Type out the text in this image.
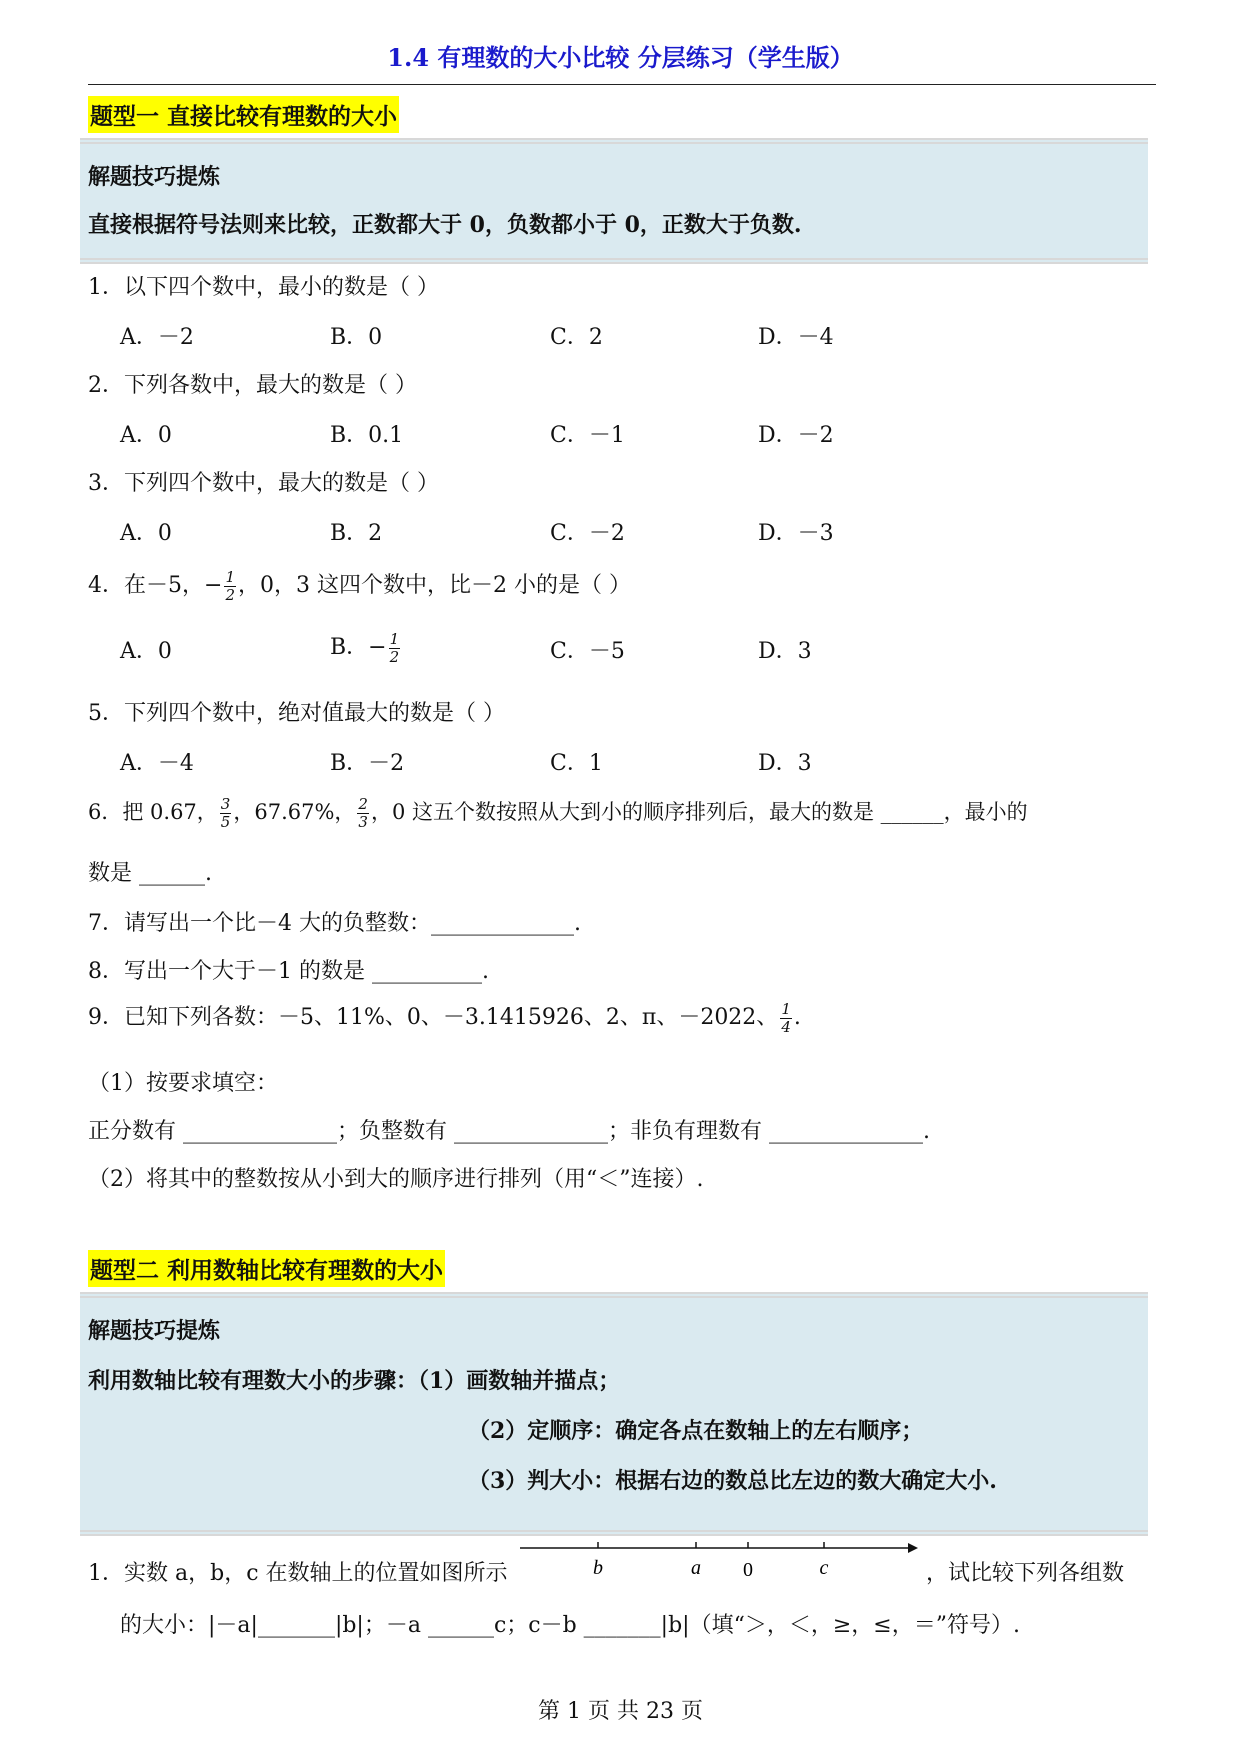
1.4 有理数的大小比较 分层练习（学生版）
题型一 直接比较有理数的大小
解题技巧提炼
直接根据符号法则来比较，正数都大于 0，负数都小于 0，正数大于负数.
1．以下四个数中，最小的数是（ ）
A．－2	B．0	C．2	D．－4
2．下列各数中，最大的数是（ ）
A．0	B．0.1	C．－1	D．－2
3．下列四个数中，最大的数是（ ）
A．0	B．2	C．－2	D．－3
4．在－5，− $\frac{1}{2}$ ，0，3 这四个数中，比－2 小的是（ ）
A．0	B．− $\frac{1}{2}$	C．－5	D．3
5．下列四个数中，绝对值最大的数是（ ）
A．－4	B．－2	C．1	D．3
6．把 0.67， $\frac{3}{5}$ ，67.67%， $\frac{2}{3}$ ，0 这五个数按照从大到小的顺序排列后，最大的数是 ______，最小的
数是 ______.
7．请写出一个比－4 大的负整数：_____________.
8．写出一个大于－1 的数是 __________.
9．已知下列各数：－5、11%、0、－3.1415926、2、π、－2022、 $\frac{1}{4}$ .
（1）按要求填空：
正分数有 ______________；负整数有 ______________；非负有理数有 ______________.
（2）将其中的整数按从小到大的顺序进行排列（用“＜”连接）.
题型二 利用数轴比较有理数的大小
解题技巧提炼
利用数轴比较有理数大小的步骤：（1）画数轴并描点；
（2）定顺序：确定各点在数轴上的左右顺序；
（3）判大小：根据右边的数总比左边的数大确定大小.
1．实数 a，b，c 在数轴上的位置如图所示	b	a 0	c	，试比较下列各组数
的大小：|－a|_______|b|；－a ______c；c－b _______|b|（填“＞，＜，≥，≤，＝”符号）.
第 1 页 共 23 页
